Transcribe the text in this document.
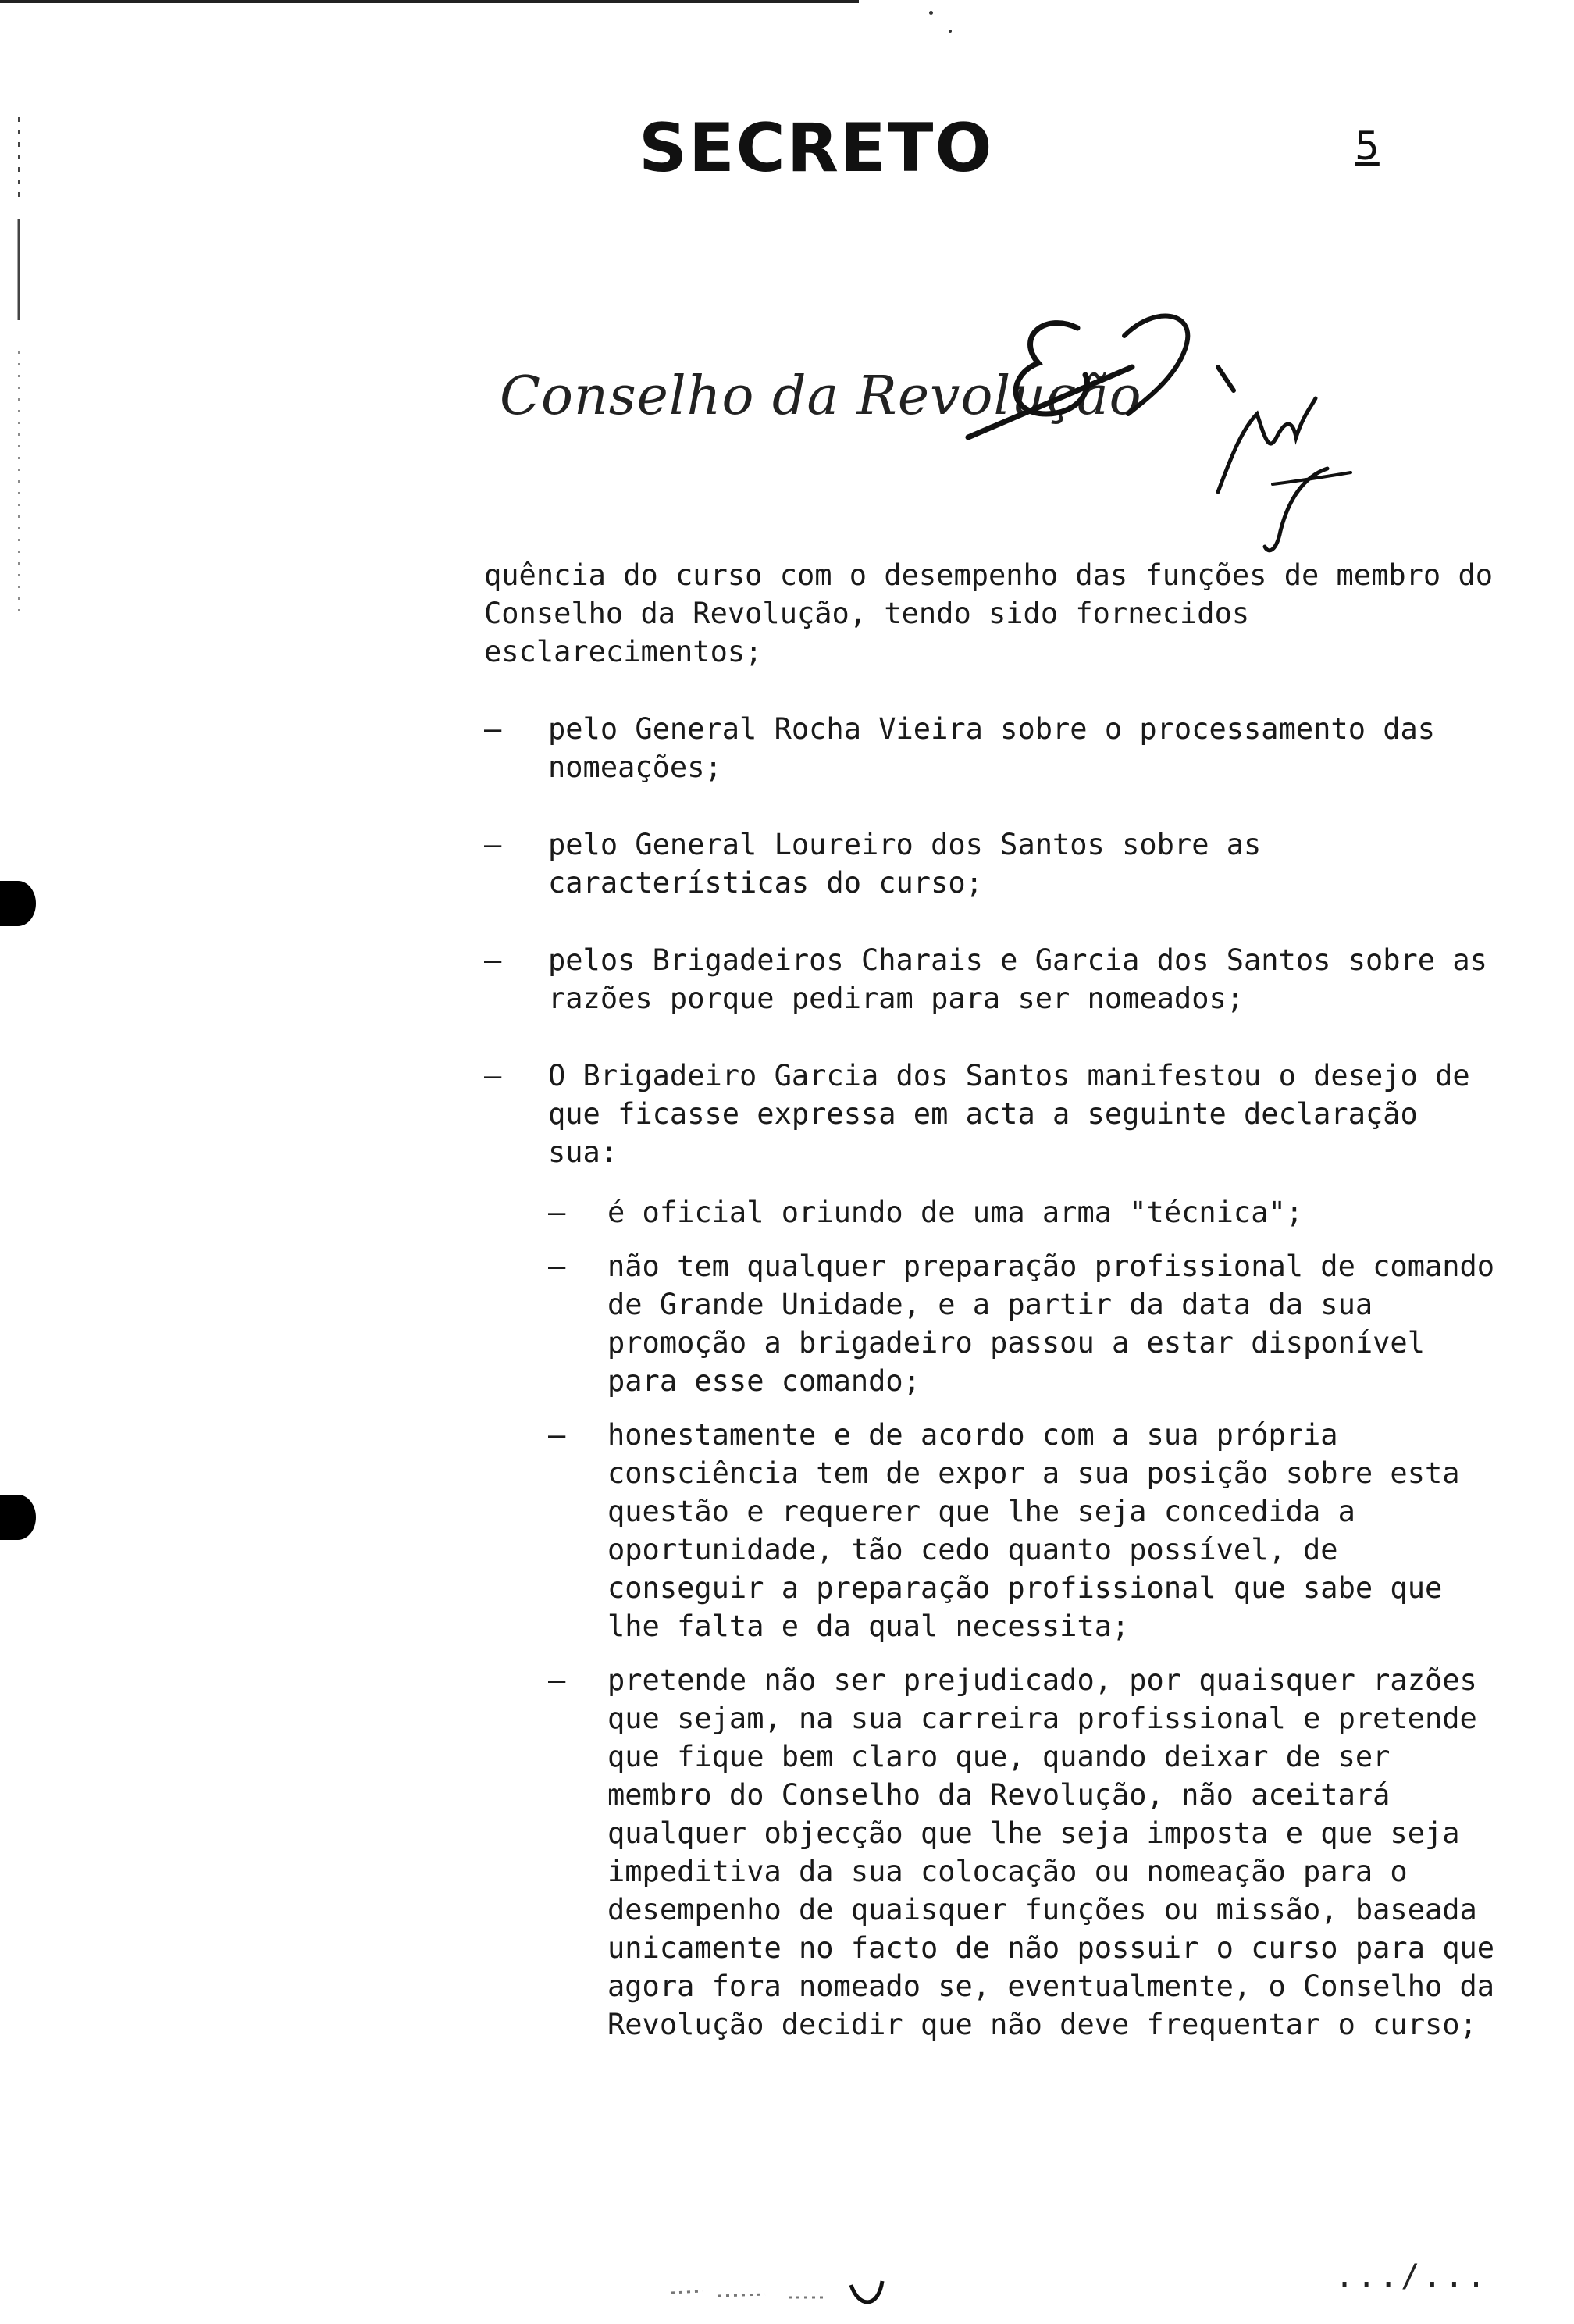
SECRETO	5
Conselho da Revolução

quência do curso com o desempenho das funções de membro do Conselho da Revolução, tendo sido fornecidos esclarecimentos;

– pelo General Rocha Vieira sobre o processamento das nomeações;
– pelo General Loureiro dos Santos sobre as características do curso;
– pelos Brigadeiros Charais e Garcia dos Santos sobre as razões porque pediram para ser nomeados;
– O Brigadeiro Garcia dos Santos manifestou o desejo de que ficasse expressa em acta a seguinte declaração sua:
– é oficial oriundo de uma arma "técnica";
– não tem qualquer preparação profissional de comando de Grande Unidade, e a partir da data da sua promoção a brigadeiro passou a estar disponível para esse comando;
– honestamente e de acordo com a sua própria consciência tem de expor a sua posição sobre esta questão e requerer que lhe seja concedida a oportunidade, tão cedo quanto possível, de conseguir a preparação profissional que sabe que lhe falta e da qual necessita;
– pretende não ser prejudicado, por quaisquer razões que sejam, na sua carreira profissional e pretende que fique bem claro que, quando deixar de ser membro do Conselho da Revolução, não aceitará qualquer objecção que lhe seja imposta e que seja impeditiva da sua colocação ou nomeação para o desempenho de quaisquer funções ou missão, baseada unicamente no facto de não possuir o curso para que agora fora nomeado se, eventualmente, o Conselho da Revolução decidir que não deve frequentar o curso;
.../...
